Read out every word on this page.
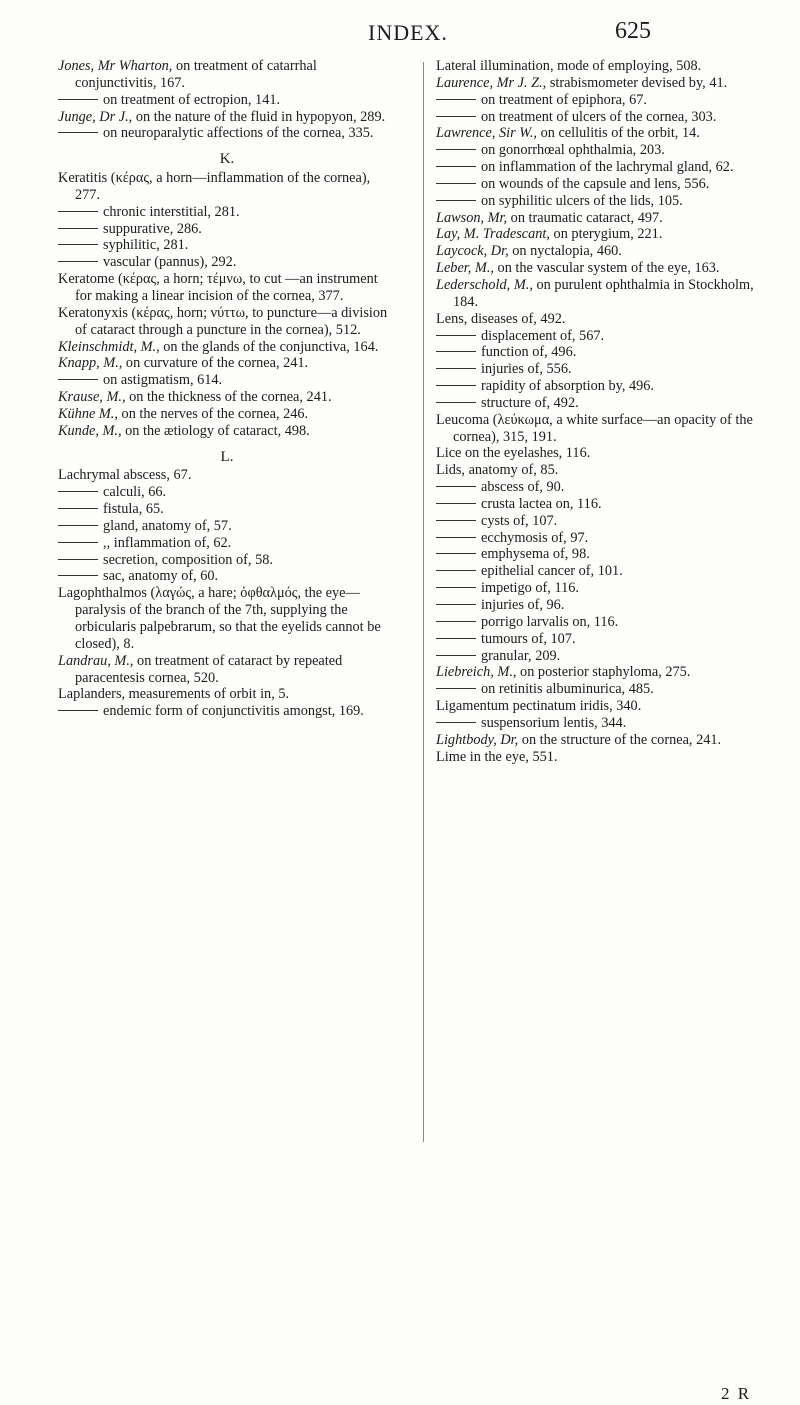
INDEX.	625

Jones, Mr Wharton, on treatment of catarrhal conjunctivitis, 167.

on treatment of ectropion, 141.

Junge, Dr J., on the nature of the fluid in hypopyon, 289.

on neuroparalytic affections of the cornea, 335.

K.

Keratitis (κέρας, a horn—inflammation of the cornea), 277.

chronic interstitial, 281.

suppurative, 286.

syphilitic, 281.

vascular (pannus), 292.

Keratome (κέρας, a horn; τέμνω, to cut —an instrument for making a linear incision of the cornea, 377.

Keratonyxis (κέρας, horn; νύττω, to puncture—a division of cataract through a puncture in the cornea), 512.

Kleinschmidt, M., on the glands of the conjunctiva, 164.

Knapp, M., on curvature of the cornea, 241.

on astigmatism, 614.

Krause, M., on the thickness of the cornea, 241.

Kühne M., on the nerves of the cornea, 246.

Kunde, M., on the ætiology of cataract, 498.

L.

Lachrymal abscess, 67.

calculi, 66.

fistula, 65.

gland, anatomy of, 57.

,, inflammation of, 62.

secretion, composition of, 58.

sac, anatomy of, 60.

Lagophthalmos (λαγώς, a hare; ὀφθαλμός, the eye—paralysis of the branch of the 7th, supplying the orbicularis palpebrarum, so that the eyelids cannot be closed), 8.

Landrau, M., on treatment of cataract by repeated paracentesis cornea, 520.

Laplanders, measurements of orbit in, 5.

endemic form of conjunctivitis amongst, 169.

Lateral illumination, mode of employing, 508.

Laurence, Mr J. Z., strabismometer devised by, 41.

on treatment of epiphora, 67.

on treatment of ulcers of the cornea, 303.

Lawrence, Sir W., on cellulitis of the orbit, 14.

on gonorrhœal ophthalmia, 203.

on inflammation of the lachrymal gland, 62.

on wounds of the capsule and lens, 556.

on syphilitic ulcers of the lids, 105.

Lawson, Mr, on traumatic cataract, 497.

Lay, M. Tradescant, on pterygium, 221.

Laycock, Dr, on nyctalopia, 460.

Leber, M., on the vascular system of the eye, 163.

Lederschold, M., on purulent ophthalmia in Stockholm, 184.

Lens, diseases of, 492.

displacement of, 567.

function of, 496.

injuries of, 556.

rapidity of absorption by, 496.

structure of, 492.

Leucoma (λεύκωμα, a white surface—an opacity of the cornea), 315, 191.

Lice on the eyelashes, 116.

Lids, anatomy of, 85.

abscess of, 90.

crusta lactea on, 116.

cysts of, 107.

ecchymosis of, 97.

emphysema of, 98.

epithelial cancer of, 101.

impetigo of, 116.

injuries of, 96.

porrigo larvalis on, 116.

tumours of, 107.

granular, 209.

Liebreich, M., on posterior staphyloma, 275.

on retinitis albuminurica, 485.

Ligamentum pectinatum iridis, 340.

suspensorium lentis, 344.

Lightbody, Dr, on the structure of the cornea, 241.

Lime in the eye, 551.

2 R
